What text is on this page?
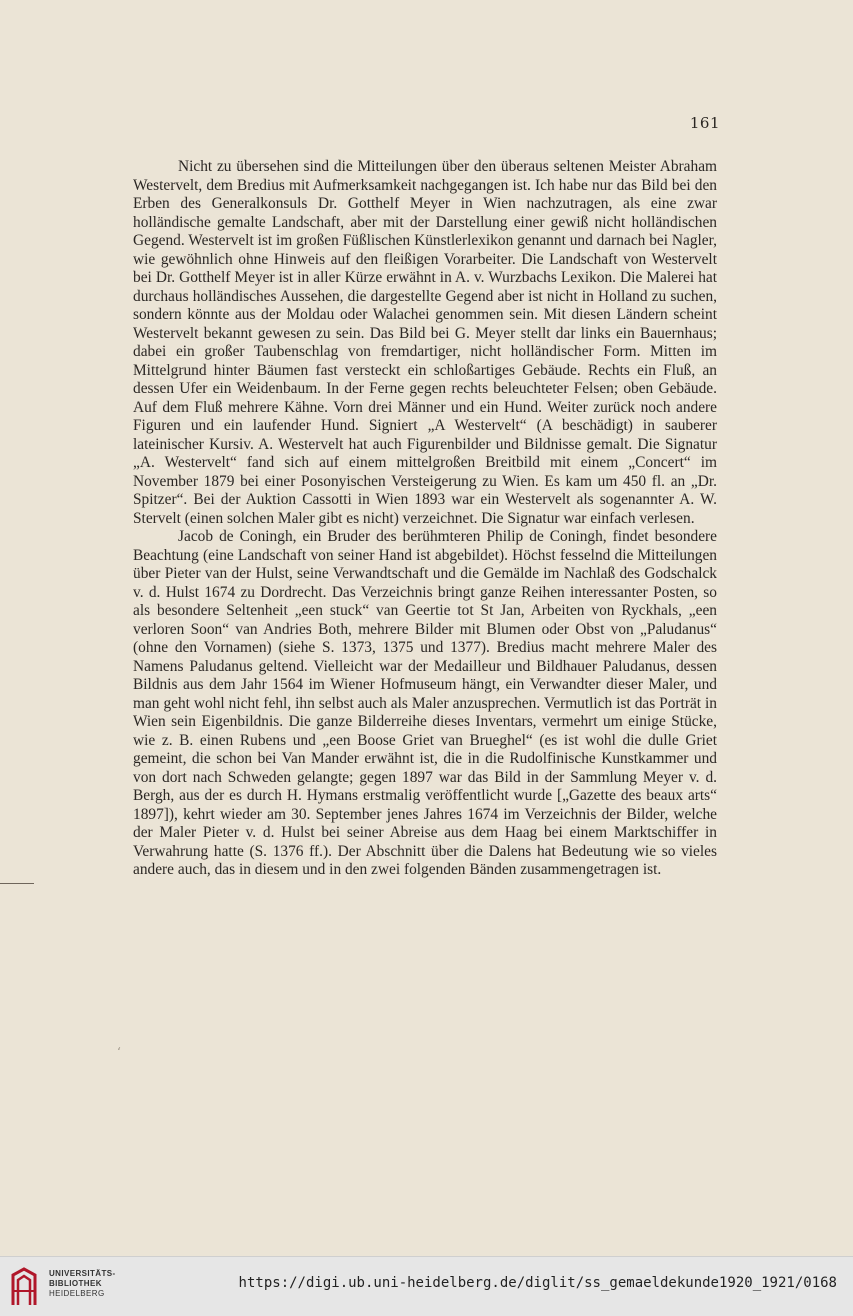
161

Nicht zu übersehen sind die Mitteilungen über den überaus seltenen Meister Abraham Westervelt, dem Bredius mit Aufmerksamkeit nachgegangen ist. Ich habe nur das Bild bei den Erben des Generalkonsuls Dr. Gotthelf Meyer in Wien nachzutragen, als eine zwar holländische gemalte Landschaft, aber mit der Darstellung einer gewiß nicht holländischen Gegend. Westervelt ist im großen Füßlischen Künstlerlexikon genannt und darnach bei Nagler, wie gewöhnlich ohne Hinweis auf den fleißigen Vorarbeiter. Die Landschaft von Westervelt bei Dr. Gotthelf Meyer ist in aller Kürze erwähnt in A. v. Wurzbachs Lexikon. Die Malerei hat durchaus holländisches Aussehen, die dargestellte Gegend aber ist nicht in Holland zu suchen, sondern könnte aus der Moldau oder Walachei genommen sein. Mit diesen Ländern scheint Westervelt bekannt gewesen zu sein. Das Bild bei G. Meyer stellt dar links ein Bauernhaus; dabei ein großer Taubenschlag von fremdartiger, nicht holländischer Form. Mitten im Mittelgrund hinter Bäumen fast versteckt ein schloßartiges Gebäude. Rechts ein Fluß, an dessen Ufer ein Weidenbaum. In der Ferne gegen rechts beleuchteter Felsen; oben Gebäude. Auf dem Fluß mehrere Kähne. Vorn drei Männer und ein Hund. Weiter zurück noch andere Figuren und ein laufender Hund. Signiert „A Westervelt“ (A beschädigt) in sauberer lateinischer Kursiv. A. Westervelt hat auch Figurenbilder und Bildnisse gemalt. Die Signatur „A. Westervelt“ fand sich auf einem mittelgroßen Breitbild mit einem „Concert“ im November 1879 bei einer Posonyischen Versteigerung zu Wien. Es kam um 450 fl. an „Dr. Spitzer“. Bei der Auktion Cassotti in Wien 1893 war ein Westervelt als sogenannter A. W. Stervelt (einen solchen Maler gibt es nicht) verzeichnet. Die Signatur war einfach verlesen.

Jacob de Coningh, ein Bruder des berühmteren Philip de Coningh, findet besondere Beachtung (eine Landschaft von seiner Hand ist abgebildet). Höchst fesselnd die Mitteilungen über Pieter van der Hulst, seine Verwandtschaft und die Gemälde im Nachlaß des Godschalck v. d. Hulst 1674 zu Dordrecht. Das Verzeichnis bringt ganze Reihen interessanter Posten, so als besondere Seltenheit „een stuck“ van Geertie tot St Jan, Arbeiten von Ryckhals, „een verloren Soon“ van Andries Both, mehrere Bilder mit Blumen oder Obst von „Paludanus“ (ohne den Vornamen) (siehe S. 1373, 1375 und 1377). Bredius macht mehrere Maler des Namens Paludanus geltend. Vielleicht war der Medailleur und Bildhauer Paludanus, dessen Bildnis aus dem Jahr 1564 im Wiener Hofmuseum hängt, ein Verwandter dieser Maler, und man geht wohl nicht fehl, ihn selbst auch als Maler anzusprechen. Vermutlich ist das Porträt in Wien sein Eigenbildnis. Die ganze Bilderreihe dieses Inventars, vermehrt um einige Stücke, wie z. B. einen Rubens und „een Boose Griet van Brueghel“ (es ist wohl die dulle Griet gemeint, die schon bei Van Mander erwähnt ist, die in die Rudolfinische Kunstkammer und von dort nach Schweden gelangte; gegen 1897 war das Bild in der Sammlung Meyer v. d. Bergh, aus der es durch H. Hymans erstmalig veröffentlicht wurde [„Gazette des beaux arts“ 1897]), kehrt wieder am 30. September jenes Jahres 1674 im Verzeichnis der Bilder, welche der Maler Pieter v. d. Hulst bei seiner Abreise aus dem Haag bei einem Marktschiffer in Verwahrung hatte (S. 1376 ff.). Der Abschnitt über die Dalens hat Bedeutung wie so vieles andere auch, das in diesem und in den zwei folgenden Bänden zusammengetragen ist.

ʻ
UNIVERSITÄTS-
BIBLIOTHEK
HEIDELBERG
https://digi.ub.uni-heidelberg.de/diglit/ss_gemaeldekunde1920_1921/0168
